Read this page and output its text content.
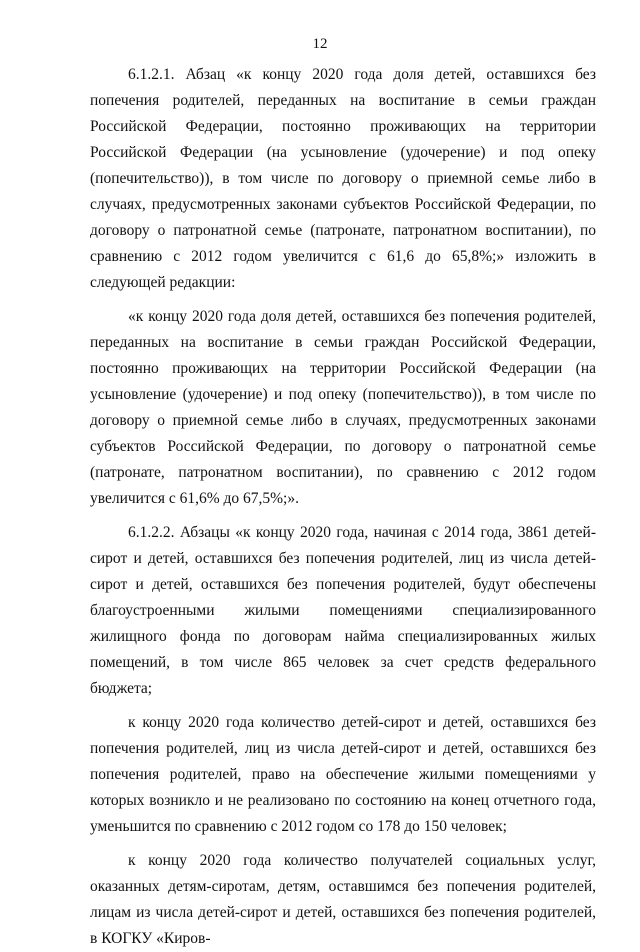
12

6.1.2.1. Абзац «к концу 2020 года доля детей, оставшихся без попечения родителей, переданных на воспитание в семьи граждан Российской Федерации, постоянно проживающих на территории Российской Федерации (на усыновление (удочерение) и под опеку (попечительство)), в том числе по договору о приемной семье либо в случаях, предусмотренных законами субъектов Российской Федерации, по договору о патронатной семье (патронате, патронатном воспитании), по сравнению с 2012 годом увеличится с 61,6 до 65,8%;» изложить в следующей редакции:

«к концу 2020 года доля детей, оставшихся без попечения родителей, переданных на воспитание в семьи граждан Российской Федерации, постоянно проживающих на территории Российской Федерации (на усыновление (удочерение) и под опеку (попечительство)), в том числе по договору о приемной семье либо в случаях, предусмотренных законами субъектов Российской Федерации, по договору о патронатной семье (патронате, патронатном воспитании), по сравнению с 2012 годом увеличится с 61,6% до 67,5%;».

6.1.2.2. Абзацы «к концу 2020 года, начиная с 2014 года, 3861 детей-сирот и детей, оставшихся без попечения родителей, лиц из числа детей-сирот и детей, оставшихся без попечения родителей, будут обеспечены благоустроенными жилыми помещениями специализированного жилищного фонда по договорам найма специализированных жилых помещений, в том числе 865 человек за счет средств федерального бюджета;

к концу 2020 года количество детей-сирот и детей, оставшихся без попечения родителей, лиц из числа детей-сирот и детей, оставшихся без попечения родителей, право на обеспечение жилыми помещениями у которых возникло и не реализовано по состоянию на конец отчетного года, уменьшится по сравнению с 2012 годом со 178 до 150 человек;

к концу 2020 года количество получателей социальных услуг, оказанных детям-сиротам, детям, оставшимся без попечения родителей, лицам из числа детей-сирот и детей, оставшихся без попечения родителей, в КОГКУ «Киров-
